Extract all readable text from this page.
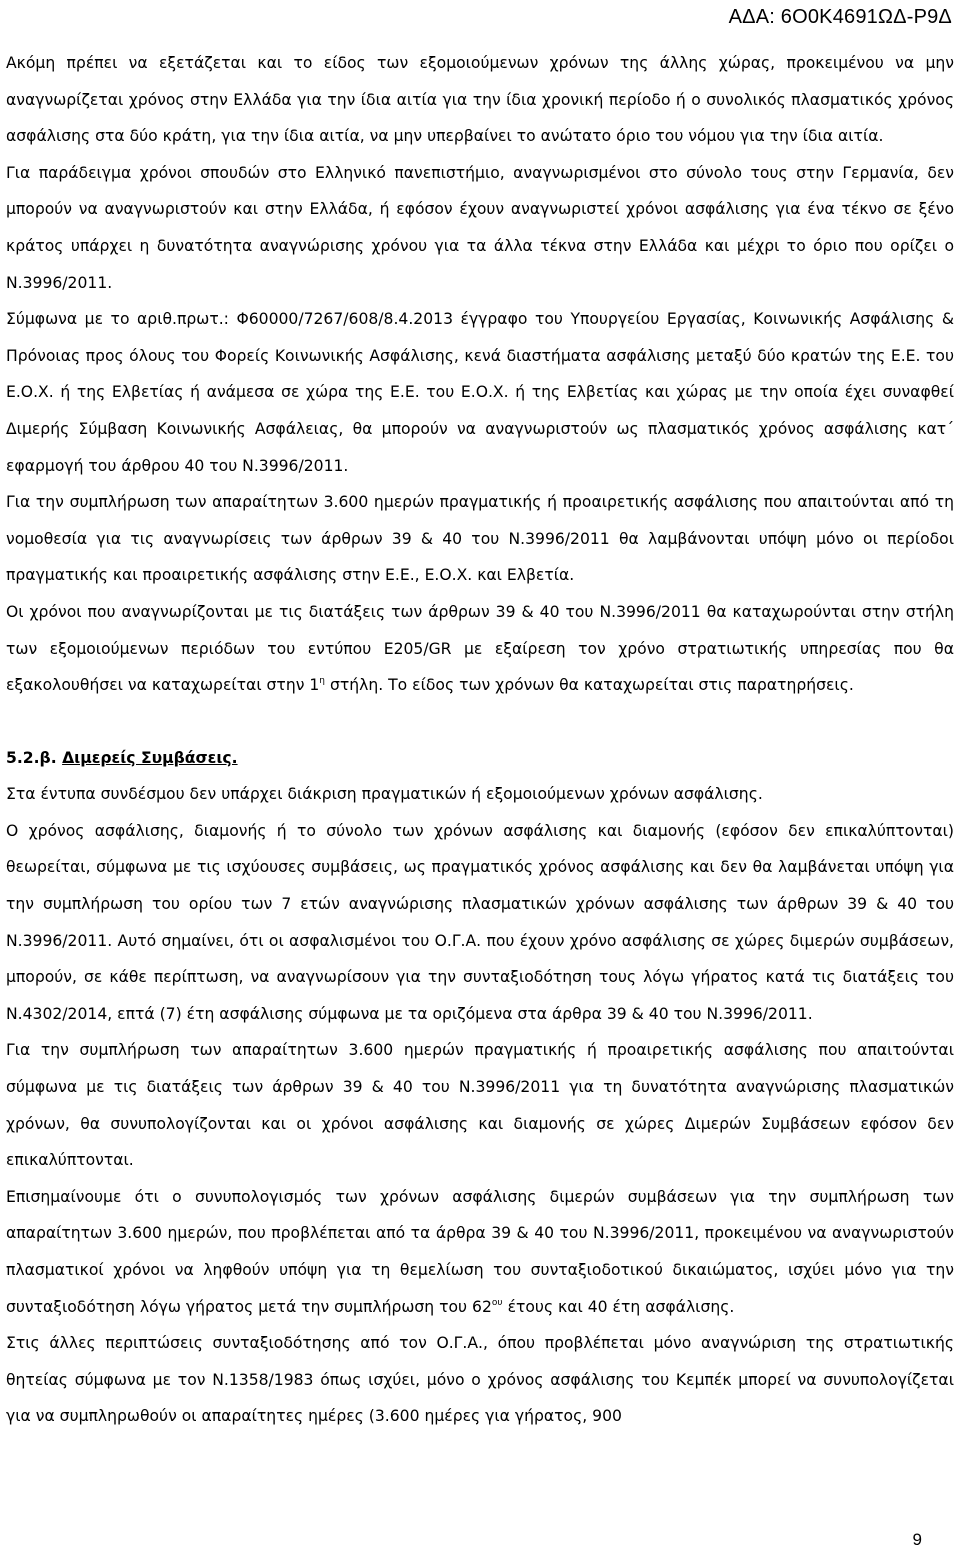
ΑΔΑ: 6Ο0Κ4691ΩΔ-Ρ9Δ

Ακόμη πρέπει να εξετάζεται και το είδος των εξομοιούμενων χρόνων της άλλης χώρας, προκειμένου να μην αναγνωρίζεται χρόνος στην Ελλάδα για την ίδια αιτία για την ίδια χρονική περίοδο ή ο συνολικός πλασματικός χρόνος ασφάλισης στα δύο κράτη, για την ίδια αιτία, να μην υπερβαίνει το ανώτατο όριο του νόμου για την ίδια αιτία.

Για παράδειγμα χρόνοι σπουδών στο Ελληνικό πανεπιστήμιο, αναγνωρισμένοι στο σύνολο τους στην Γερμανία, δεν μπορούν να αναγνωριστούν και στην Ελλάδα, ή εφόσον έχουν αναγνωριστεί χρόνοι ασφάλισης για ένα τέκνο σε ξένο κράτος υπάρχει η δυνατότητα αναγνώρισης χρόνου για τα άλλα τέκνα στην Ελλάδα και μέχρι το όριο που ορίζει ο Ν.3996/2011.

Σύμφωνα με το αριθ.πρωτ.: Φ60000/7267/608/8.4.2013 έγγραφο του Υπουργείου Εργασίας, Κοινωνικής Ασφάλισης & Πρόνοιας προς όλους του Φορείς Κοινωνικής Ασφάλισης, κενά διαστήματα ασφάλισης μεταξύ δύο κρατών της Ε.Ε. του Ε.Ο.Χ. ή της Ελβετίας ή ανάμεσα σε χώρα της Ε.Ε. του Ε.Ο.Χ. ή της Ελβετίας και χώρας με την οποία έχει συναφθεί Διμερής Σύμβαση Κοινωνικής Ασφάλειας, θα μπορούν να αναγνωριστούν ως πλασματικός χρόνος ασφάλισης κατ΄ εφαρμογή του άρθρου 40 του Ν.3996/2011.

Για την συμπλήρωση των απαραίτητων 3.600 ημερών πραγματικής ή προαιρετικής ασφάλισης που απαιτούνται από τη νομοθεσία για τις αναγνωρίσεις των άρθρων 39 & 40 του Ν.3996/2011 θα λαμβάνονται υπόψη μόνο οι περίοδοι πραγματικής και προαιρετικής ασφάλισης στην Ε.Ε., Ε.Ο.Χ. και Ελβετία.

Οι χρόνοι που αναγνωρίζονται με τις διατάξεις των άρθρων 39 & 40 του Ν.3996/2011 θα καταχωρούνται στην στήλη των εξομοιούμενων περιόδων του εντύπου Ε205/GR με εξαίρεση τον χρόνο στρατιωτικής υπηρεσίας που θα εξακολουθήσει να καταχωρείται στην $1^\eta$ στήλη. Το είδος των χρόνων θα καταχωρείται στις παρατηρήσεις.

5.2.β. Διμερείς Συμβάσεις.

Στα έντυπα συνδέσμου δεν υπάρχει διάκριση πραγματικών ή εξομοιούμενων χρόνων ασφάλισης.

Ο χρόνος ασφάλισης, διαμονής ή το σύνολο των χρόνων ασφάλισης και διαμονής (εφόσον δεν επικαλύπτονται) θεωρείται, σύμφωνα με τις ισχύουσες συμβάσεις, ως πραγματικός χρόνος ασφάλισης και δεν θα λαμβάνεται υπόψη για την συμπλήρωση του ορίου των 7 ετών αναγνώρισης πλασματικών χρόνων ασφάλισης των άρθρων 39 & 40 του Ν.3996/2011. Αυτό σημαίνει, ότι οι ασφαλισμένοι του Ο.Γ.Α. που έχουν χρόνο ασφάλισης σε χώρες διμερών συμβάσεων, μπορούν, σε κάθε περίπτωση, να αναγνωρίσουν για την συνταξιοδότηση τους λόγω γήρατος κατά τις διατάξεις του Ν.4302/2014, επτά (7) έτη ασφάλισης σύμφωνα με τα οριζόμενα στα άρθρα 39 & 40 του Ν.3996/2011.

Για την συμπλήρωση των απαραίτητων 3.600 ημερών πραγματικής ή προαιρετικής ασφάλισης που απαιτούνται σύμφωνα με τις διατάξεις των άρθρων 39 & 40 του Ν.3996/2011 για τη δυνατότητα αναγνώρισης πλασματικών χρόνων, θα συνυπολογίζονται και οι χρόνοι ασφάλισης και διαμονής σε χώρες Διμερών Συμβάσεων εφόσον δεν επικαλύπτονται.

Επισημαίνουμε ότι ο συνυπολογισμός των χρόνων ασφάλισης διμερών συμβάσεων για την συμπλήρωση των απαραίτητων 3.600 ημερών, που προβλέπεται από τα άρθρα 39 & 40 του Ν.3996/2011, προκειμένου να αναγνωριστούν πλασματικοί χρόνοι να ληφθούν υπόψη για τη θεμελίωση του συνταξιοδοτικού δικαιώματος, ισχύει μόνο για την συνταξιοδότηση λόγω γήρατος μετά την συμπλήρωση του $62^{o\upsilon}$ έτους και 40 έτη ασφάλισης.

Στις άλλες περιπτώσεις συνταξιοδότησης από τον Ο.Γ.Α., όπου προβλέπεται μόνο αναγνώριση της στρατιωτικής θητείας σύμφωνα με τον Ν.1358/1983 όπως ισχύει, μόνο ο χρόνος ασφάλισης του Κεμπέκ μπορεί να συνυπολογίζεται για να συμπληρωθούν οι απαραίτητες ημέρες (3.600 ημέρες για γήρατος, 900

9
